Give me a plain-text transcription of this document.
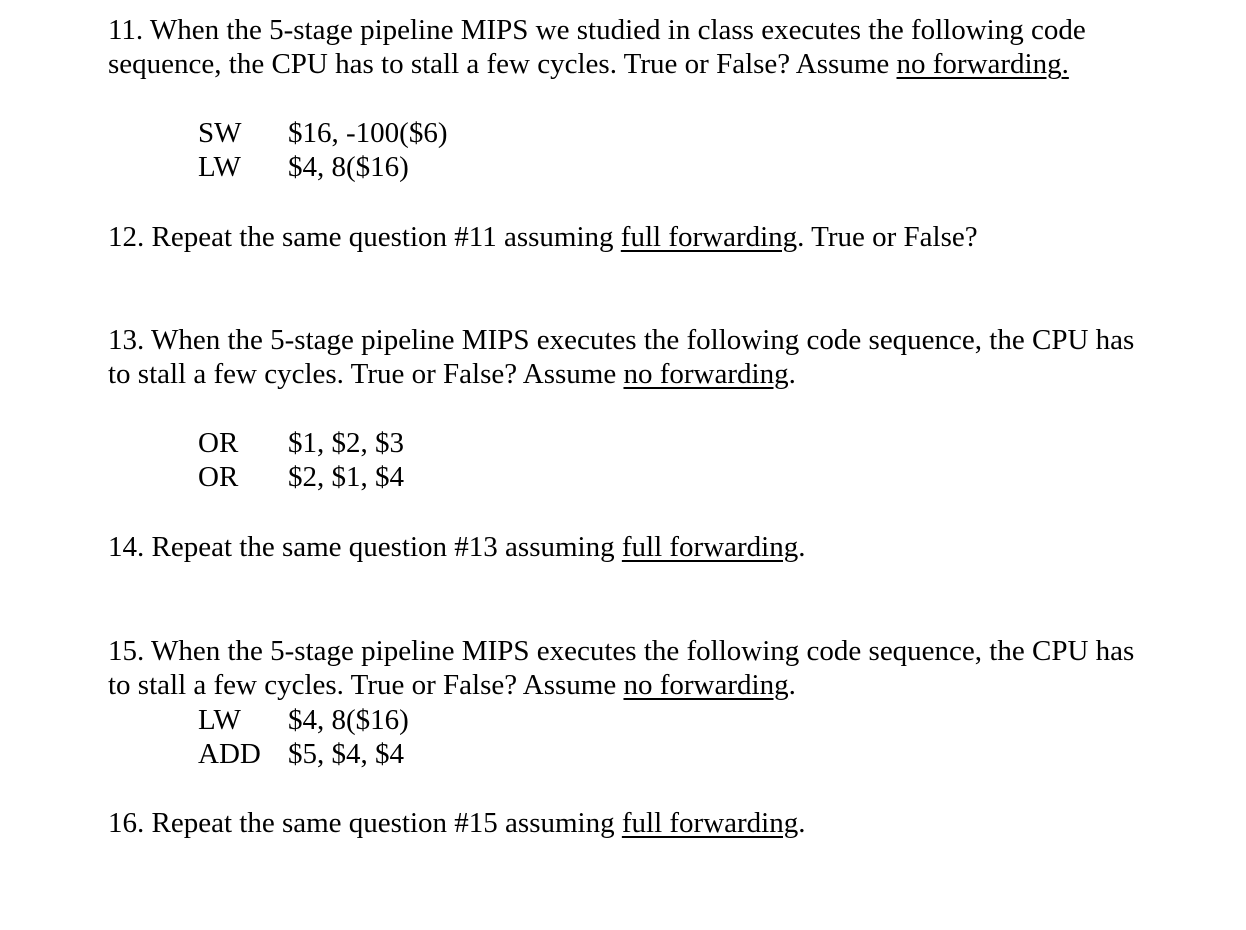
11. When the 5-stage pipeline MIPS we studied in class executes the following code
sequence, the CPU has to stall a few cycles. True or False? Assume no forwarding.
SW $16, -100($6)
LW $4, 8($16)
12. Repeat the same question #11 assuming full forwarding. True or False?
13. When the 5-stage pipeline MIPS executes the following code sequence, the CPU has
to stall a few cycles. True or False? Assume no forwarding.
OR $1, $2, $3
OR $2, $1, $4
14. Repeat the same question #13 assuming full forwarding.
15. When the 5-stage pipeline MIPS executes the following code sequence, the CPU has
to stall a few cycles. True or False? Assume no forwarding.
LW $4, 8($16)
ADD $5, $4, $4
16. Repeat the same question #15 assuming full forwarding.
